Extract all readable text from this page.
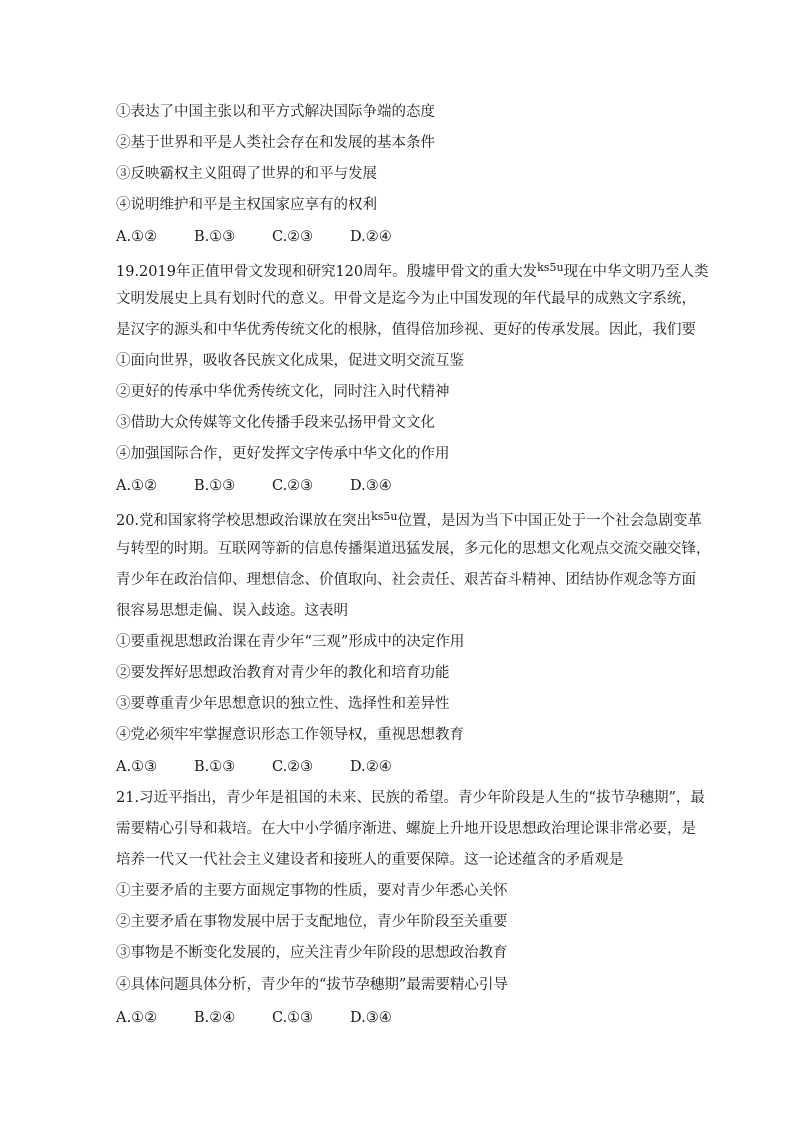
①表达了中国主张以和平方式解决国际争端的态度
②基于世界和平是人类社会存在和发展的基本条件
③反映霸权主义阻碍了世界的和平与发展
④说明维护和平是主权国家应享有的权利
A.①②	B.①③	C.②③	D.②④
19.2019年正值甲骨文发现和研究120周年。殷墟甲骨文的重大发$^{ks5u}$现在中华文明乃至人类
文明发展史上具有划时代的意义。甲骨文是迄今为止中国发现的年代最早的成熟文字系统，
是汉字的源头和中华优秀传统文化的根脉，值得倍加珍视、更好的传承发展。因此，我们要
①面向世界，吸收各民族文化成果，促进文明交流互鉴
②更好的传承中华优秀传统文化，同时注入时代精神
③借助大众传媒等文化传播手段来弘扬甲骨文文化
④加强国际合作，更好发挥文字传承中华文化的作用
A.①②	B.①③	C.②③	D.③④
20.党和国家将学校思想政治课放在突出$^{ks5u}$位置，是因为当下中国正处于一个社会急剧变革
与转型的时期。互联网等新的信息传播渠道迅猛发展，多元化的思想文化观点交流交融交锋，
青少年在政治信仰、理想信念、价值取向、社会责任、艰苦奋斗精神、团结协作观念等方面
很容易思想走偏、误入歧途。这表明
①要重视思想政治课在青少年“三观”形成中的决定作用
②要发挥好思想政治教育对青少年的教化和培育功能
③要尊重青少年思想意识的独立性、选择性和差异性
④党必须牢牢掌握意识形态工作领导权，重视思想教育
A.①③	B.①③	C.②③	D.②④
21.习近平指出，青少年是祖国的未来、民族的希望。青少年阶段是人生的“拔节孕穗期”，最
需要精心引导和栽培。在大中小学循序渐进、螺旋上升地开设思想政治理论课非常必要，是
培养一代又一代社会主义建设者和接班人的重要保障。这一论述蕴含的矛盾观是
①主要矛盾的主要方面规定事物的性质，要对青少年悉心关怀
②主要矛盾在事物发展中居于支配地位，青少年阶段至关重要
③事物是不断变化发展的，应关注青少年阶段的思想政治教育
④具体问题具体分析，青少年的“拔节孕穗期”最需要精心引导
A.①②	B.②④	C.①③	D.③④
